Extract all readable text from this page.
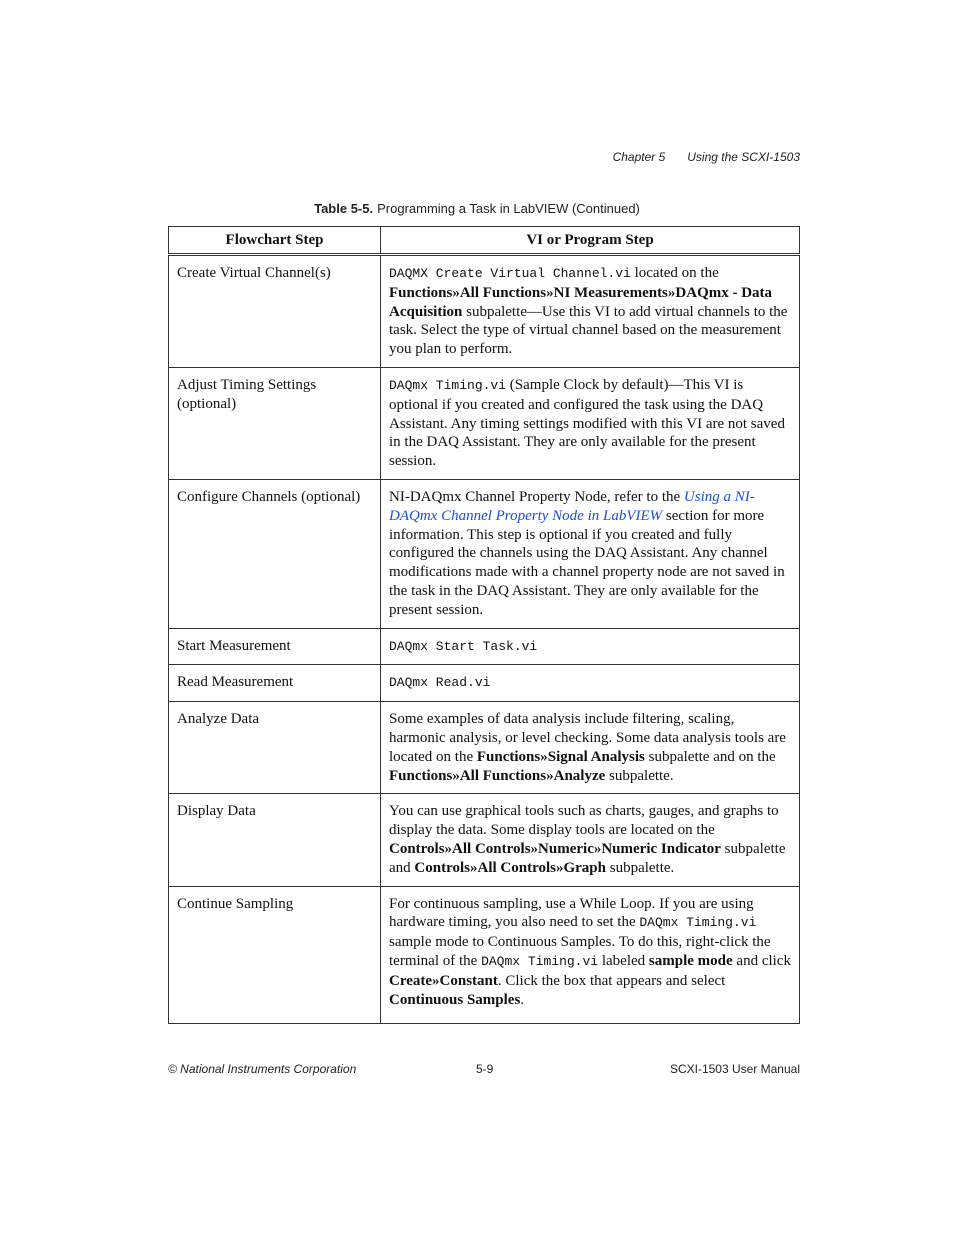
Chapter 5 Using the SCXI-1503
Table 5-5. Programming a Task in LabVIEW (Continued)
Flowchart Step	VI or Program Step
Create Virtual Channel(s)	DAQMX Create Virtual Channel.vi located on the Functions»All Functions»NI Measurements»DAQmx - Data Acquisition subpalette—Use this VI to add virtual channels to the task. Select the type of virtual channel based on the measurement you plan to perform.
Adjust Timing Settings (optional)	DAQmx Timing.vi (Sample Clock by default)—This VI is optional if you created and configured the task using the DAQ Assistant. Any timing settings modified with this VI are not saved in the DAQ Assistant. They are only available for the present session.
Configure Channels (optional)	NI-DAQmx Channel Property Node, refer to the Using a NI-DAQmx Channel Property Node in LabVIEW section for more information. This step is optional if you created and fully configured the channels using the DAQ Assistant. Any channel modifications made with a channel property node are not saved in the task in the DAQ Assistant. They are only available for the present session.
Start Measurement	DAQmx Start Task.vi
Read Measurement	DAQmx Read.vi
Analyze Data	Some examples of data analysis include filtering, scaling, harmonic analysis, or level checking. Some data analysis tools are located on the Functions»Signal Analysis subpalette and on the Functions»All Functions»Analyze subpalette.
Display Data	You can use graphical tools such as charts, gauges, and graphs to display the data. Some display tools are located on the Controls»All Controls»Numeric»Numeric Indicator subpalette and Controls»All Controls»Graph subpalette.
Continue Sampling	For continuous sampling, use a While Loop. If you are using hardware timing, you also need to set the DAQmx Timing.vi sample mode to Continuous Samples. To do this, right-click the terminal of the DAQmx Timing.vi labeled sample mode and click Create»Constant. Click the box that appears and select Continuous Samples.
© National Instruments Corporation	5-9	SCXI-1503 User Manual
